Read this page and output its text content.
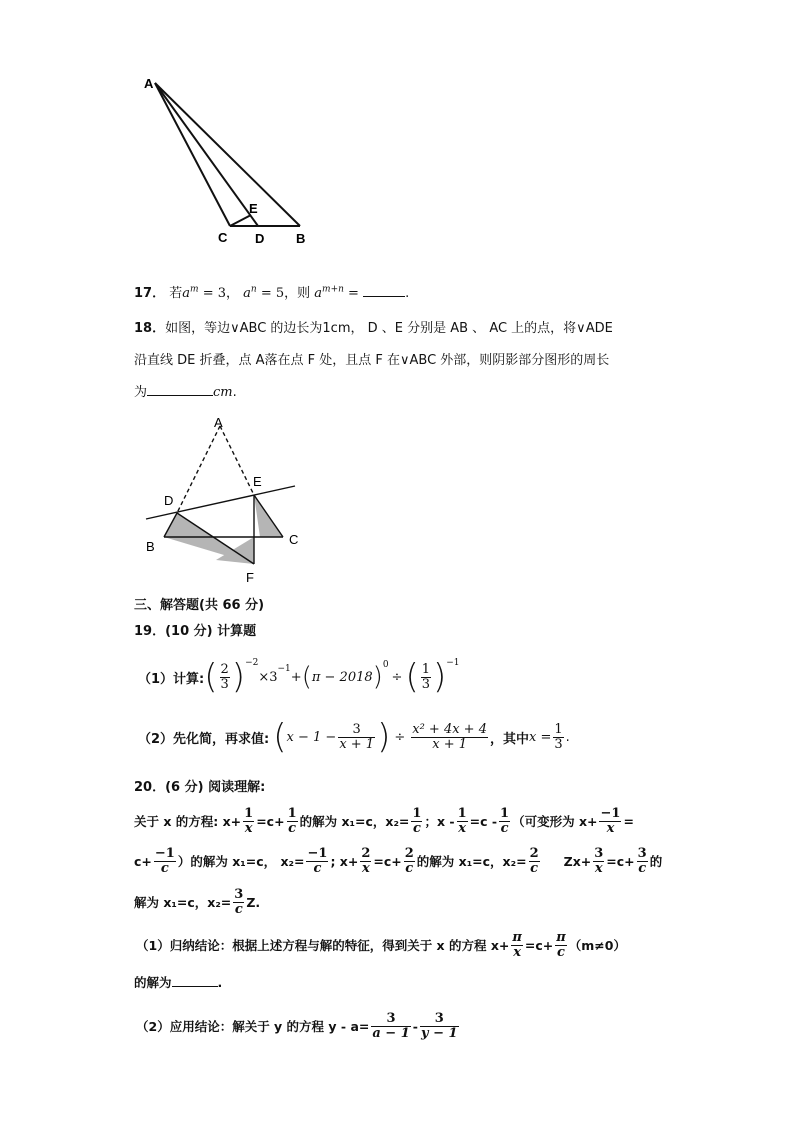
A
E
C D B
17． 若$a^m = 3$， $a^n = 5$，则 $a^{m+n}$ =	.
18．如图，等边∨ABC 的边长为1cm， D 、E 分别是 AB 、 AC 上的点，将∨ADE
沿直线 DE 折叠，点 A落在点 F 处，且点 F 在∨ABC 外部，则阴影部分图形的周长
为	cm.
A
E
D
B	C
F
三、解答题(共 66 分)
19．(10 分) 计算题
（1）计算: ( $\frac{2}{3} )^{-2}$
×3
$^{-1}$
+ ( π − 2018 )$^0$
÷ ( $\frac{1}{3} )^{-1}$
（2）先化简，再求值: ( $x - 1 - \frac{3}{x + 1}$ ) ÷ $\frac{\text{x² + 4x + 4}}{x + 1}$ ，其中 $x = \frac{1}{3}$ .
20．(6 分) 阅读理解:
关于 x 的方程: $x+ \frac{1}{x} =c+ \frac{1}{c}$ 的解为 x₁=c，$x_2= \frac{1}{c}$ ；$x - \frac{1}{x} =c - \frac{1}{c}$ （可变形为 $x+ \frac{-1}{x}$ =
$c+ \frac{-1}{c}$ ）的解为 x₁=c， $x_2= \frac{-1}{c}$ ; $x+ \frac{2}{x} =c+ \frac{2}{c}$ 的解为 x₁=c，$x_2= \frac{2}{c} Zx+ \frac{3}{x} =c+ \frac{3}{c}$ 的
解为 x₁=c，$x_2= \frac{3}{c} Z$.
（1）归纳结论：根据上述方程与解的特征，得到关于 x 的方程 $x+ \frac{\pi}{x} =c+ \frac{\pi}{c} (m\ne 0)$
的解为	.
（2）应用结论：解关于 y 的方程 $y - a= \frac{3}{a - 1} - \frac{3}{y - 1}$
